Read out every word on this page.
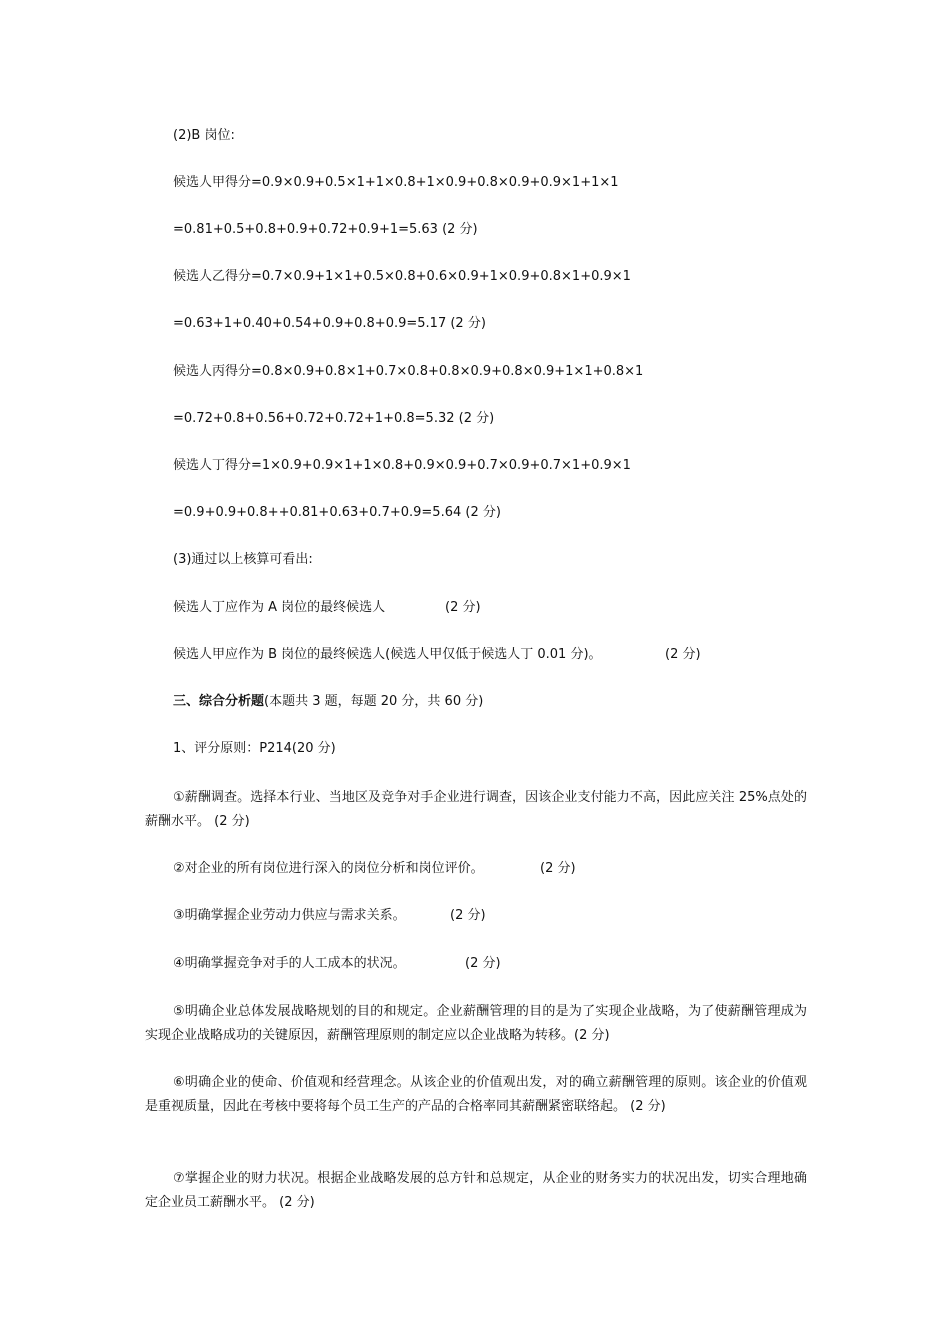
(2)B 岗位:
候选人甲得分=0.9×0.9+0.5×1+1×0.8+1×0.9+0.8×0.9+0.9×1+1×1
=0.81+0.5+0.8+0.9+0.72+0.9+1=5.63 (2 分)
候选人乙得分=0.7×0.9+1×1+0.5×0.8+0.6×0.9+1×0.9+0.8×1+0.9×1
=0.63+1+0.40+0.54+0.9+0.8+0.9=5.17 (2 分)
候选人丙得分=0.8×0.9+0.8×1+0.7×0.8+0.8×0.9+0.8×0.9+1×1+0.8×1
=0.72+0.8+0.56+0.72+0.72+1+0.8=5.32 (2 分)
候选人丁得分=1×0.9+0.9×1+1×0.8+0.9×0.9+0.7×0.9+0.7×1+0.9×1
=0.9+0.9+0.8++0.81+0.63+0.7+0.9=5.64 (2 分)
(3)通过以上核算可看出:
候选人丁应作为 A 岗位的最终候选人	(2 分)
候选人甲应作为 B 岗位的最终候选人(候选人甲仅低于候选人丁 0.01 分)。	(2 分)
三、综合分析题(本题共 3 题，每题 20 分，共 60 分)
1、评分原则：P214(20 分)
①薪酬调查。选择本行业、当地区及竞争对手企业进行调查，因该企业支付能力不高，因此应关注 25%点处的薪酬水平。 (2 分)
②对企业的所有岗位进行深入的岗位分析和岗位评价。	(2 分)
③明确掌握企业劳动力供应与需求关系。	(2 分)
④明确掌握竞争对手的人工成本的状况。	(2 分)
⑤明确企业总体发展战略规划的目的和规定。企业薪酬管理的目的是为了实现企业战略，为了使薪酬管理成为实现企业战略成功的关键原因，薪酬管理原则的制定应以企业战略为转移。(2 分)
⑥明确企业的使命、价值观和经营理念。从该企业的价值观出发，对的确立薪酬管理的原则。该企业的价值观是重视质量，因此在考核中要将每个员工生产的产品的合格率同其薪酬紧密联络起。 (2 分)
⑦掌握企业的财力状况。根据企业战略发展的总方针和总规定，从企业的财务实力的状况出发，切实合理地确定企业员工薪酬水平。 (2 分)
